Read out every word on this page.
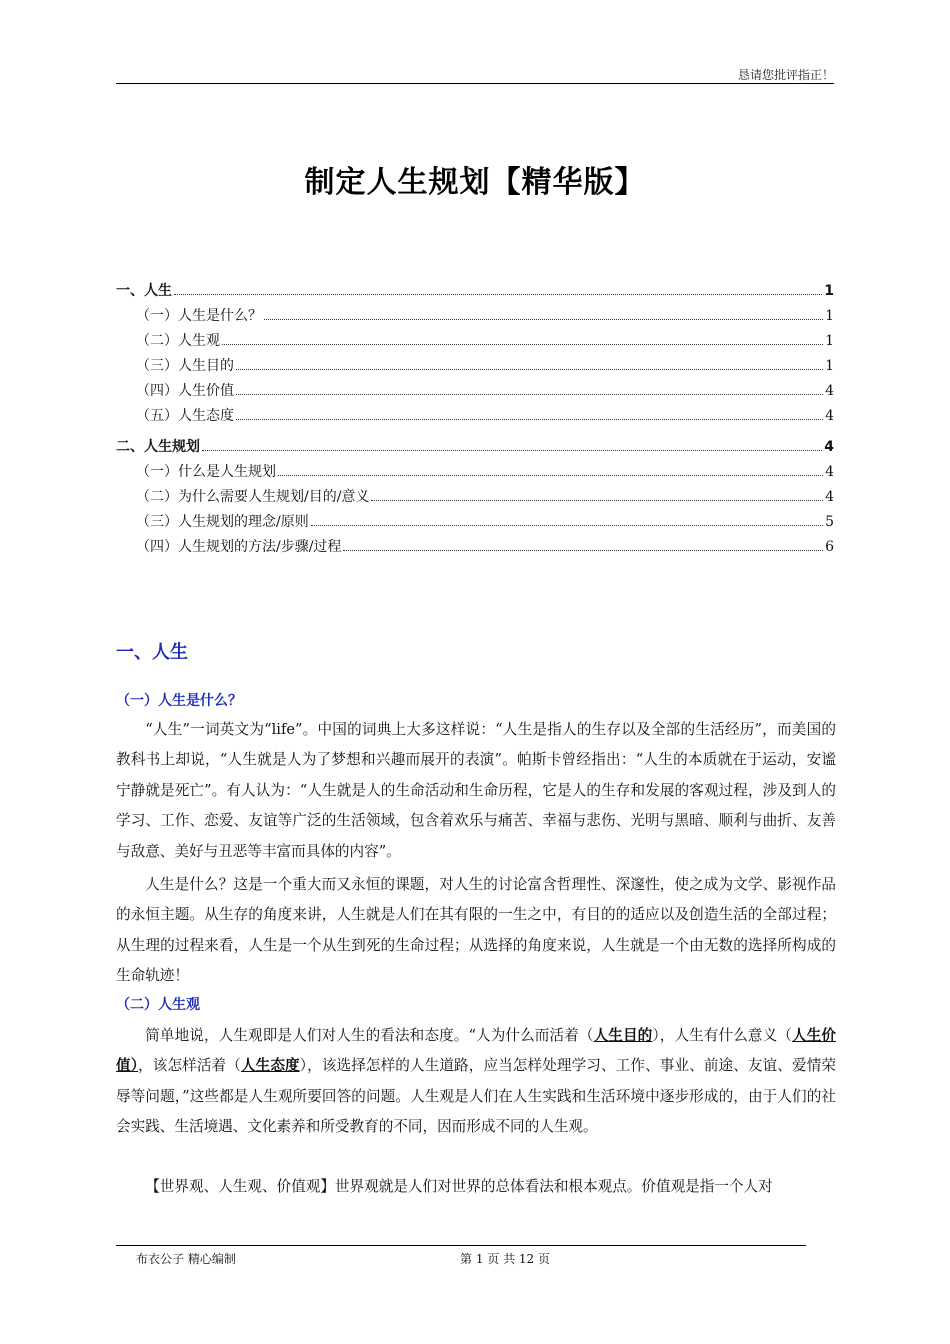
恳请您批评指正！
制定人生规划【精华版】
一、人生	1
（一）人生是什么？	1
（二）人生观	1
（三）人生目的	1
（四）人生价值	4
（五）人生态度	4
二、人生规划	4
（一）什么是人生规划	4
（二）为什么需要人生规划/目的/意义	4
（三）人生规划的理念/原则	5
（四）人生规划的方法/步骤/过程	6
一、人生
（一）人生是什么？

“人生”一词英文为“life”。中国的词典上大多这样说：“人生是指人的生存以及全部的生活经历”，而美国的教科书上却说，“人生就是人为了梦想和兴趣而展开的表演”。帕斯卡曾经指出：“人生的本质就在于运动，安谧宁静就是死亡”。有人认为：“人生就是人的生命活动和生命历程，它是人的生存和发展的客观过程，涉及到人的学习、工作、恋爱、友谊等广泛的生活领域，包含着欢乐与痛苦、幸福与悲伤、光明与黑暗、顺利与曲折、友善与敌意、美好与丑恶等丰富而具体的内容”。

人生是什么？这是一个重大而又永恒的课题，对人生的讨论富含哲理性、深邃性，使之成为文学、影视作品的永恒主题。从生存的角度来讲，人生就是人们在其有限的一生之中，有目的的适应以及创造生活的全部过程；从生理的过程来看，人生是一个从生到死的生命过程；从选择的角度来说，人生就是一个由无数的选择所构成的生命轨迹！

（二）人生观

简单地说，人生观即是人们对人生的看法和态度。“人为什么而活着（人生目的），人生有什么意义（人生价值），该怎样活着（人生态度），该选择怎样的人生道路，应当怎样处理学习、工作、事业、前途、友谊、爱情荣辱等问题，”这些都是人生观所要回答的问题。人生观是人们在人生实践和生活环境中逐步形成的，由于人们的社会实践、生活境遇、文化素养和所受教育的不同，因而形成不同的人生观。

【世界观、人生观、价值观】世界观就是人们对世界的总体看法和根本观点。价值观是指一个人对

布衣公子 精心编制	第 1 页 共 12 页
